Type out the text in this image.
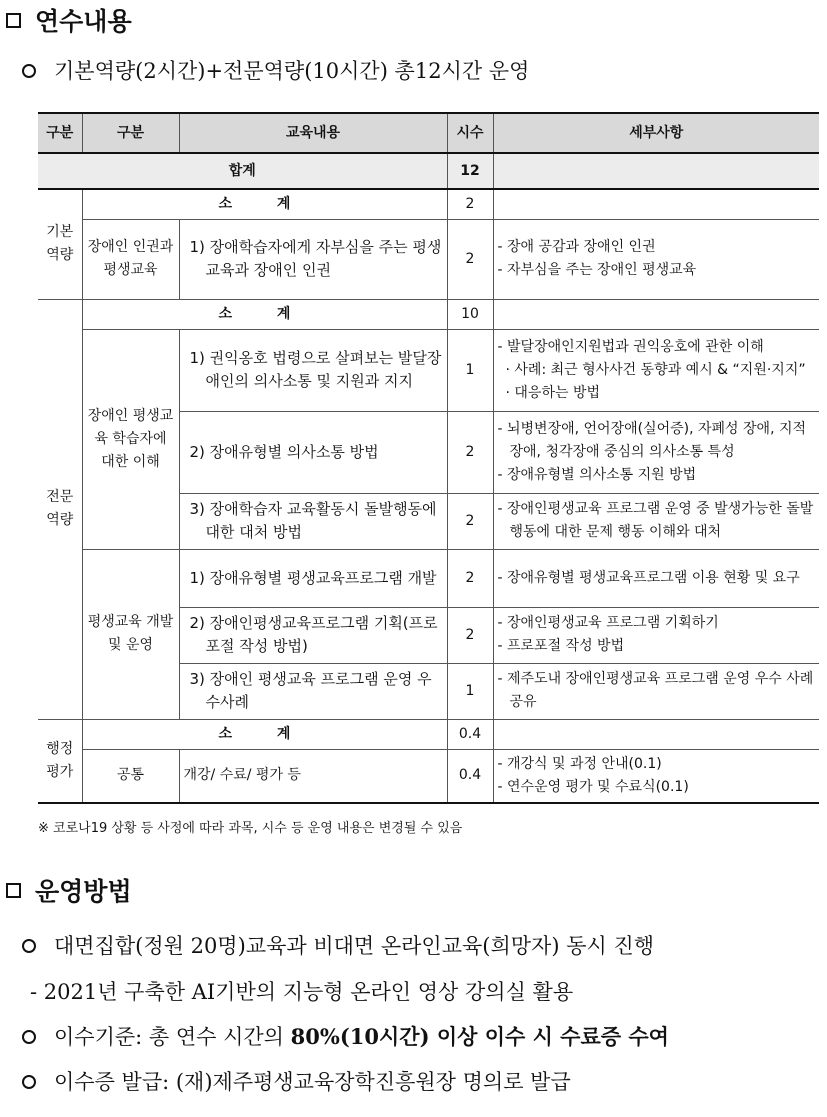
연수내용
기본역량(2시간)+전문역량(10시간) 총12시간 운영
구분	구분	교육내용	시수	세부사항
합계			12	
기본 역량	소 계		2	
	장애인 인권과 평생교육	1) 장애학습자에게 자부심을 주는 평생교육과 장애인 인권	2	- 장애 공감과 장애인 인권
- 자부심을 주는 장애인 평생교육

전문 역량	소 계		10	
	장애인 평생교육 학습자에 대한 이해	1) 권익옹호 법령으로 살펴보는 발달장애인의 의사소통 및 지원과 지지	1	- 발달장애인지원법과 권익옹호에 관한 이해
· 사례: 최근 형사사건 동향과 예시 & “지원·지지”
· 대응하는 방법

		2) 장애유형별 의사소통 방법	2	- 뇌병변장애, 언어장애(실어증), 자폐성 장애, 지적장애, 청각장애 중심의 의사소통 특성
- 장애유형별 의사소통 지원 방법

		3) 장애학습자 교육활동시 돌발행동에 대한 대처 방법	2	- 장애인평생교육 프로그램 운영 중 발생가능한 돌발행동에 대한 문제 행동 이해와 대처

	평생교육 개발 및 운영	1) 장애유형별 평생교육프로그램 개발	2	- 장애유형별 평생교육프로그램 이용 현황 및 요구

		2) 장애인평생교육프로그램 기획(프로포절 작성 방법)	2	- 장애인평생교육 프로그램 기획하기
- 프로포절 작성 방법

		3) 장애인 평생교육 프로그램 운영 우수사례	1	- 제주도내 장애인평생교육 프로그램 운영 우수 사례 공유

행정 평가	소 계		0.4	
	공통	개강/ 수료/ 평가 등	0.4	- 개강식 및 과정 안내(0.1)
- 연수운영 평가 및 수료식(0.1)
※ 코로나19 상황 등 사정에 따라 과목, 시수 등 운영 내용은 변경될 수 있음
운영방법
대면집합(정원 20명)교육과 비대면 온라인교육(희망자) 동시 진행
- 2021년 구축한 AI기반의 지능형 온라인 영상 강의실 활용
이수기준: 총 연수 시간의 80%(10시간) 이상 이수 시 수료증 수여
이수증 발급: (재)제주평생교육장학진흥원장 명의로 발급
